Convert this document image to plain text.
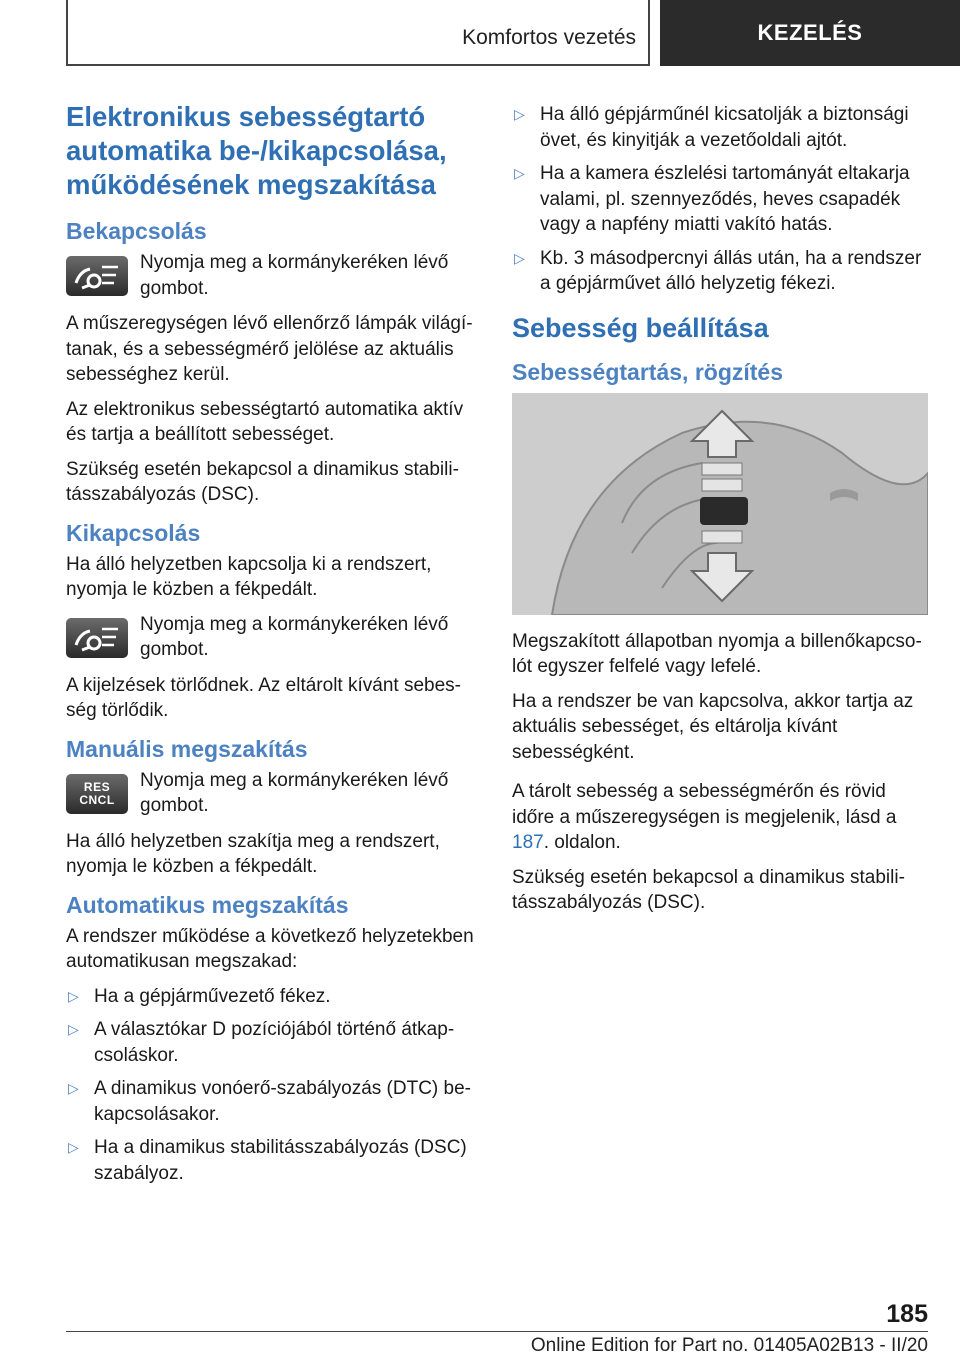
Komfortos vezetés	KEZELÉS
Elektronikus sebességtartó automatika be-/kikapcsolása, működésének megszakítása
Bekapcsolás

Nyomja meg a kormánykeréken lévő gombot.

A műszeregységen lévő ellenőrző lámpák világítanak, és a sebességmérő jelölése az aktuális sebességhez kerül.

Az elektronikus sebességtartó automatika aktív és tartja a beállított sebességet.

Szükség esetén bekapcsol a dinamikus stabilitásszabályozás (DSC).

Kikapcsolás

Ha álló helyzetben kapcsolja ki a rendszert, nyomja le közben a fékpedált.

Nyomja meg a kormánykeréken lévő gombot.

A kijelzések törlődnek. Az eltárolt kívánt sebesség törlődik.

Manuális megszakítás
RES
CNCL

Nyomja meg a kormánykeréken lévő gombot.

Ha álló helyzetben szakítja meg a rendszert, nyomja le közben a fékpedált.

Automatikus megszakítás

A rendszer működése a következő helyzetekben automatikusan megszakad:

▷ Ha a gépjárművezető fékez.
▷ A választókar D pozíciójából történő átkapcsoláskor.
▷ A dinamikus vonóerő-szabályozás (DTC) bekapcsolásakor.
▷ Ha a dinamikus stabilitásszabályozás (DSC) szabályoz.
▷ Ha álló gépjárműnél kicsatolják a biztonsági övet, és kinyitják a vezetőoldali ajtót.
▷ Ha a kamera észlelési tartományát eltakarja valami, pl. szennyeződés, heves csapadék vagy a napfény miatti vakító hatás.
▷ Kb. 3 másodpercnyi állás után, ha a rendszer a gépjárművet álló helyzetig fékezi.
Sebesség beállítása
Sebességtartás, rögzítés

Megszakított állapotban nyomja a billenőkapcsolót egyszer felfelé vagy lefelé.

Ha a rendszer be van kapcsolva, akkor tartja az aktuális sebességet, és eltárolja kívánt sebességként.

A tárolt sebesség a sebességmérőn és rövid időre a műszeregységen is megjelenik, lásd a 187. oldalon.

Szükség esetén bekapcsol a dinamikus stabilitásszabályozás (DSC).

185
Online Edition for Part no. 01405A02B13 - II/20
